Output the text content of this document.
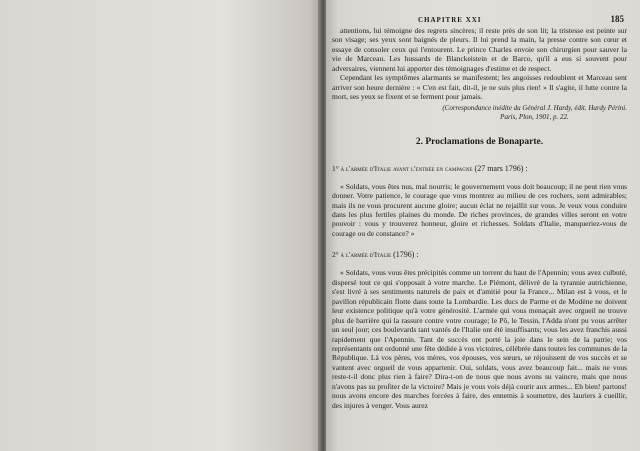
CHAPITRE XXI	185

attentions, lui témoigne des regrets sincères; il reste près de son lit; la tristesse est peinte sur son visage; ses yeux sont baignés de pleurs. Il lui prend la main, la presse contre son cœur et essaye de consoler ceux qui l'entourent. Le prince Charles envoie son chirurgien pour sauver la vie de Marceau. Les hussards de Blanckeistein et de Barco, qu'il a eus si souvent pour adversaires, viennent lui apporter des témoignages d'estime et de respect.

Cependant les symptômes alarmants se manifestent; les angoisses redoublent et Marceau sent arriver son heure dernière : « C'en est fait, dit-il, je ne suis plus rien! » Il s'agite, il lutte contre la mort, ses yeux se fixent et se ferment pour jamais.

(Correspondance inédite du Général J. Hardy, édit. Hardy Périni.
Paris, Plon, 1901, p. 22.
2. Proclamations de Bonaparte.
1° à l'armée d'Italie avant l'entrée en campagne (27 mars 1796) :

« Soldats, vous êtes nus, mal nourris; le gouvernement vous doit beaucoup; il ne peut rien vous donner. Votre patience, le courage que vous montrez au milieu de ces rochers, sont admirables; mais ils ne vous procurent aucune gloire; aucun éclat ne rejaillit sur vous. Je veux vous conduire dans les plus fertiles plaines du monde. De riches provinces, de grandes villes seront en votre pouvoir : vous y trouverez honneur, gloire et richesses. Soldats d'Italie, manqueriez-vous de courage ou de constance? »

2° à l'armée d'Italie (1796) :

« Soldats, vous vous êtes précipités comme un torrent du haut de l'Apennin; vous avez culbuté, dispersé tout ce qui s'opposait à votre marche. Le Piémont, délivré de la tyrannie autrichienne, s'est livré à ses sentiments naturels de paix et d'amitié pour la France... Milan est à vous, et le pavillon républicain flotte dans toute la Lombardie. Les ducs de Parme et de Modène ne doivent leur existence politique qu'à votre générosité. L'armée qui vous menaçait avec orgueil ne trouve plus de barrière qui la rassure contre votre courage; le Pô, le Tessin, l'Adda n'ont pu vous arrêter un seul jour; ces boulevards tant vantés de l'Italie ont été insuffisants; vous les avez franchis aussi rapidement que l'Apennin. Tant de succès ont porté la joie dans le sein de la patrie; vos représentants ont ordonné une fête dédiée à vos victoires, célébrée dans toutes les communes de la République. Là vos pères, vos mères, vos épouses, vos sœurs, se réjouissent de vos succès et se vantent avec orgueil de vous appartenir. Oui, soldats, vous avez beaucoup fait... mais ne vous reste-t-il donc plus rien à faire? Dira-t-on de nous que nous avons su vaincre, mais que nous n'avons pas su profiter de la victoire? Mais je vous vois déjà courir aux armes... Eh bien! partons! nous avons encore des marches forcées à faire, des ennemis à soumettre, des lauriers à cueillir, des injures à venger. Vous aurez
